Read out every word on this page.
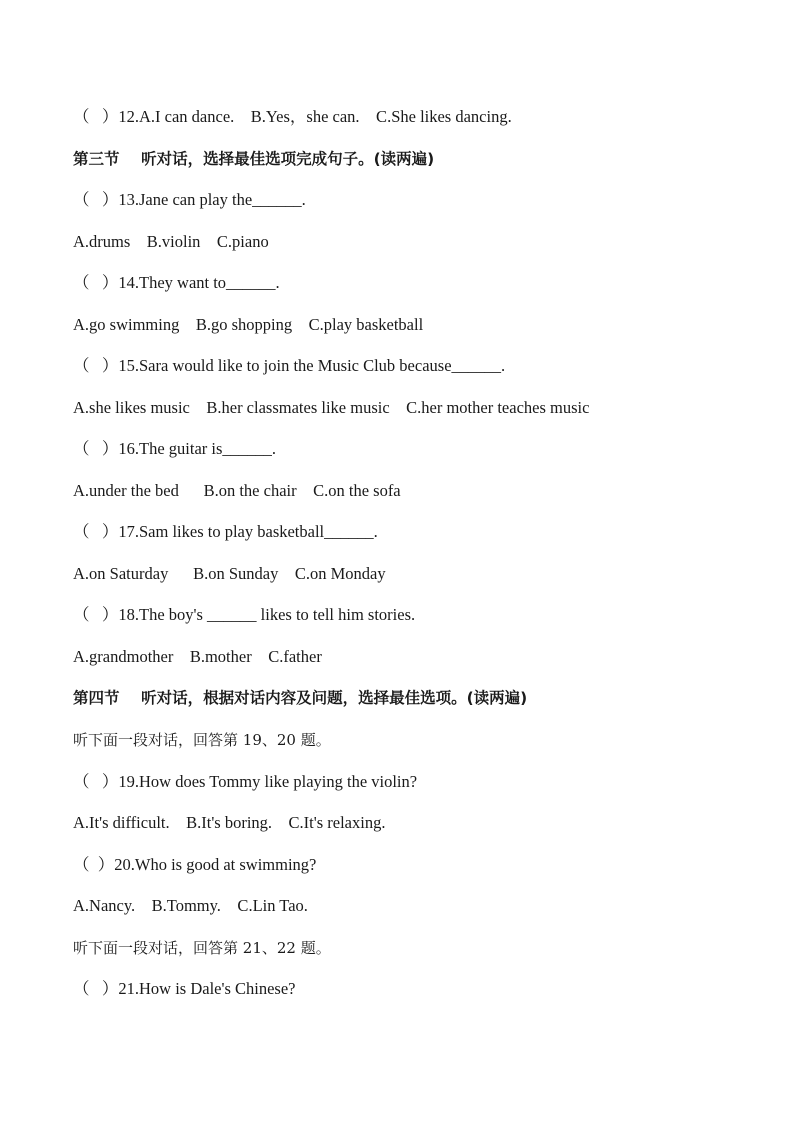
（   ）12.A.I can dance.    B.Yes，she can.    C.She likes dancing.
第三节    听对话，选择最佳选项完成句子。(读两遍)
（   ）13.Jane can play the______.
A.drums    B.violin    C.piano
（   ）14.They want to______.
A.go swimming    B.go shopping    C.play basketball
（   ）15.Sara would like to join the Music Club because______.
A.she likes music    B.her classmates like music    C.her mother teaches music
（   ）16.The guitar is______.
A.under the bed      B.on the chair    C.on the sofa
（   ）17.Sam likes to play basketball______.
A.on Saturday      B.on Sunday    C.on Monday
（   ）18.The boy's ______ likes to tell him stories.
A.grandmother    B.mother    C.father
第四节    听对话，根据对话内容及问题，选择最佳选项。(读两遍)
听下面一段对话，回答第 19、20 题。
（   ）19.How does Tommy like playing the violin?
A.It's difficult.    B.It's boring.    C.It's relaxing.
（  ）20.Who is good at swimming?
A.Nancy.    B.Tommy.    C.Lin Tao.
听下面一段对话，回答第 21、22 题。
（   ）21.How is Dale's Chinese?
